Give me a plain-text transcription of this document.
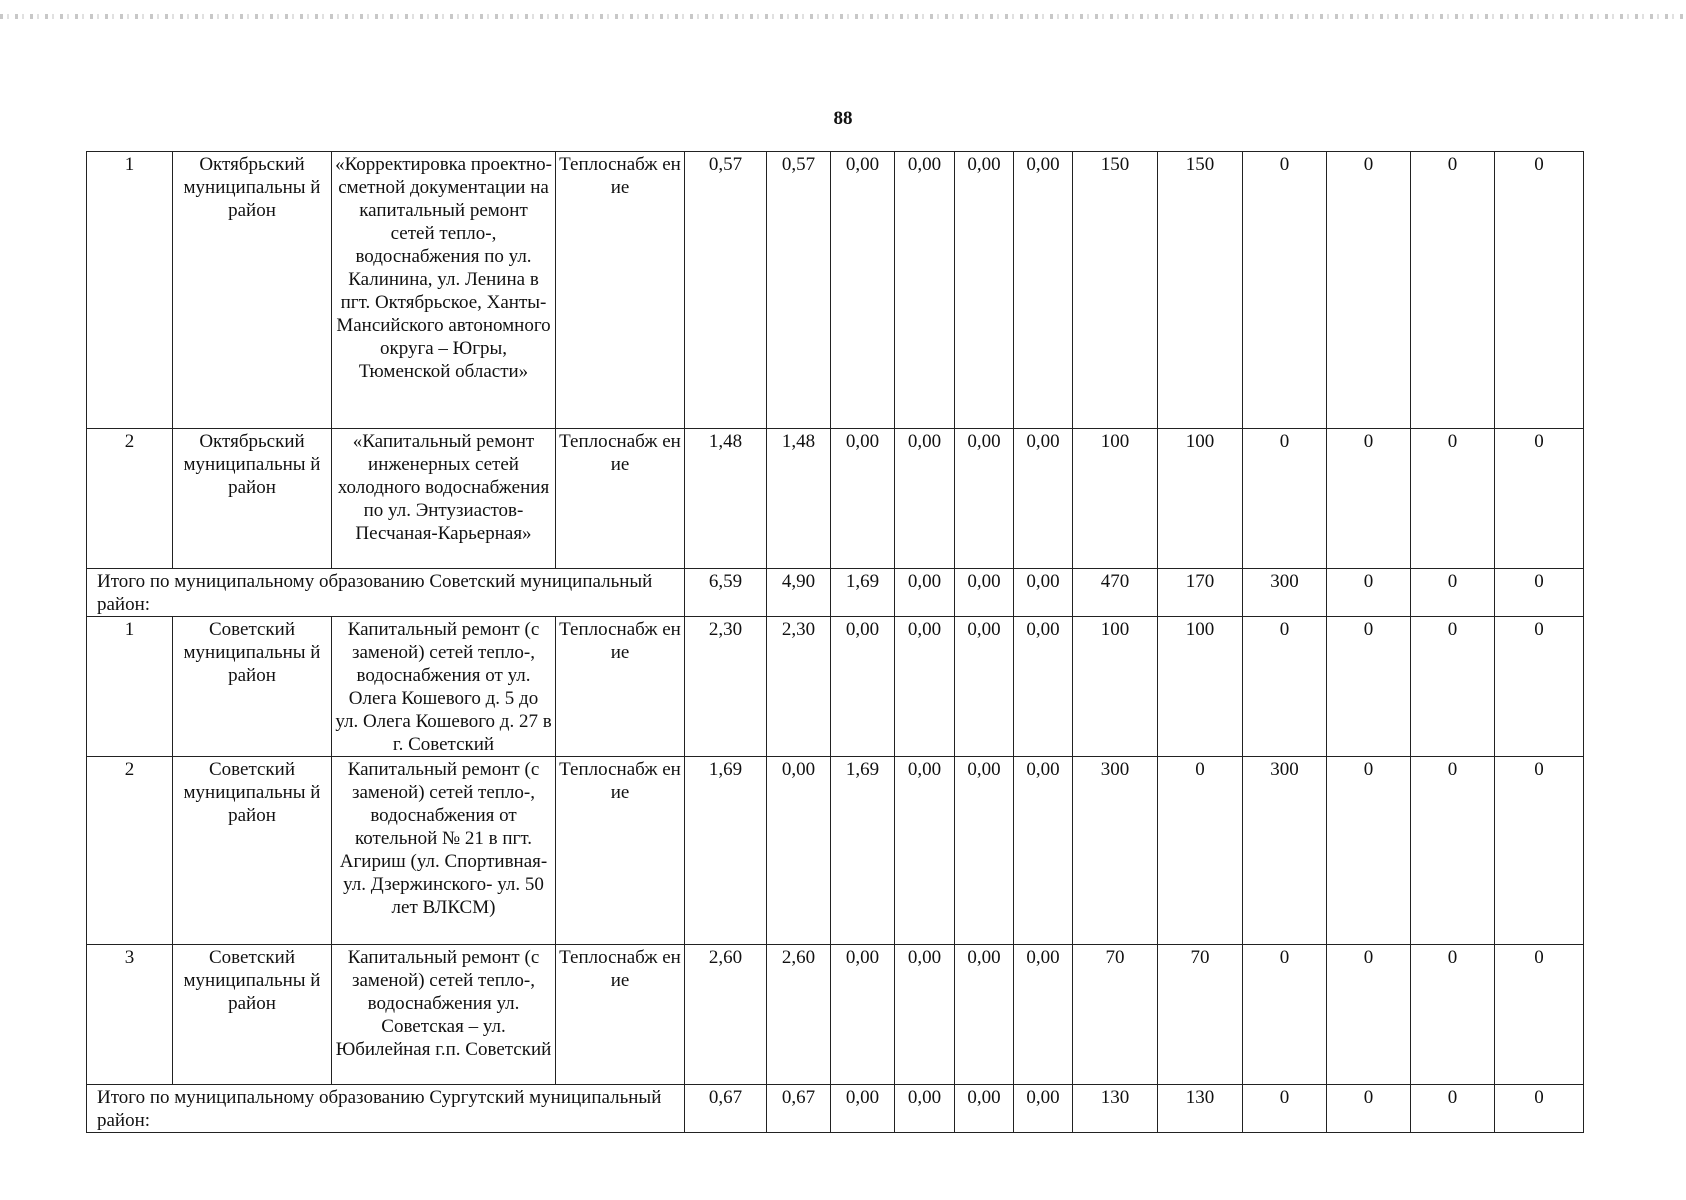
88
1	Октябрьский муниципальны й район	«Корректировка проектно-сметной документации на капитальный ремонт сетей тепло-, водоснабжения по ул. Калинина, ул. Ленина в пгт. Октябрьское, Ханты-Мансийского автономного округа – Югры, Тюменской области»	Теплоснабж ение	0,57	0,57	0,00	0,00	0,00	0,00	150	150	0	0	0	0
2	Октябрьский муниципальны й район	«Капитальный ремонт инженерных сетей холодного водоснабжения по ул. Энтузиастов-Песчаная-Карьерная»	Теплоснабж ение	1,48	1,48	0,00	0,00	0,00	0,00	100	100	0	0	0	0
Итого по муниципальному образованию Советский муниципальный район:				6,59	4,90	1,69	0,00	0,00	0,00	470	170	300	0	0	0
1	Советский муниципальны й район	Капитальный ремонт (с заменой) сетей тепло-, водоснабжения от ул. Олега Кошевого д. 5 до ул. Олега Кошевого д. 27 в г. Советский	Теплоснабж ение	2,30	2,30	0,00	0,00	0,00	0,00	100	100	0	0	0	0
2	Советский муниципальны й район	Капитальный ремонт (с заменой) сетей тепло-, водоснабжения от котельной № 21 в пгт. Агириш (ул. Спортивная-ул. Дзержинского- ул. 50 лет ВЛКСМ)	Теплоснабж ение	1,69	0,00	1,69	0,00	0,00	0,00	300	0	300	0	0	0
3	Советский муниципальны й район	Капитальный ремонт (с заменой) сетей тепло-, водоснабжения ул. Советская – ул. Юбилейная г.п. Советский	Теплоснабж ение	2,60	2,60	0,00	0,00	0,00	0,00	70	70	0	0	0	0
Итого по муниципальному образованию Сургутский муниципальный район:				0,67	0,67	0,00	0,00	0,00	0,00	130	130	0	0	0	0
